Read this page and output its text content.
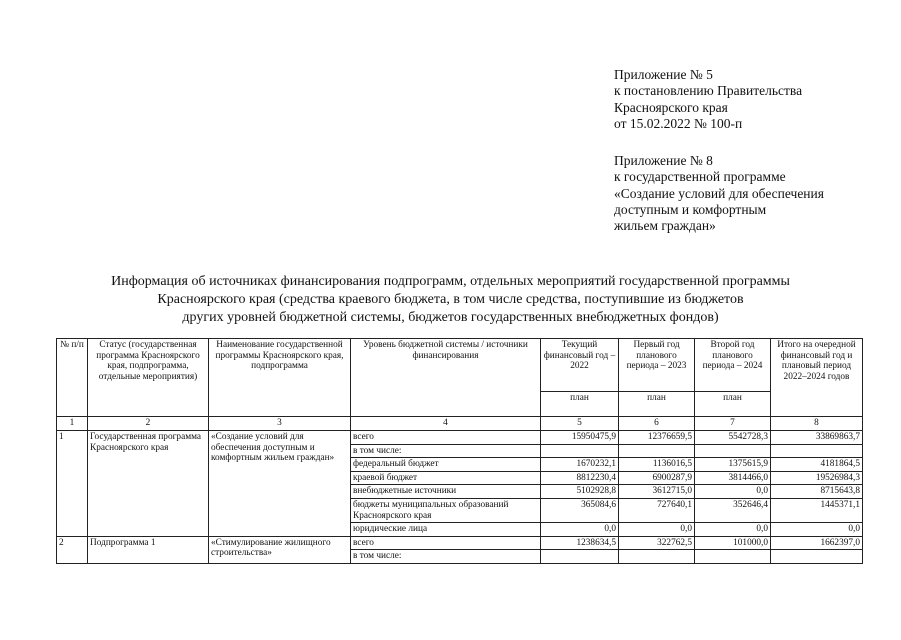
Приложение № 5
к постановлению Правительства
Красноярского края
от 15.02.2022 № 100-п
Приложение № 8
к государственной программе
«Создание условий для обеспечения
доступным и комфортным
жильем граждан»
Информация об источниках финансирования подпрограмм, отдельных мероприятий государственной программы
Красноярского края (средства краевого бюджета, в том числе средства, поступившие из бюджетов
других уровней бюджетной системы, бюджетов государственных внебюджетных фондов)
№ п/п	Статус (государственная программа Красноярского края, подпрограмма, отдельные мероприятия)	Наименование государственной программы Красноярского края, подпрограмма	Уровень бюджетной системы / источники финансирования	Текущий финансовый год – 2022	Первый год планового периода – 2023	Второй год планового периода – 2024	Итого на очередной финансовый год и плановый период 2022–2024 годов
				план	план	план	
1	2	3	4	5	6	7	8
1	Государственная программа Красноярского края	«Создание условий для обеспечения доступным и комфортным жильем граждан»	всего	15950475,9	12376659,5	5542728,3	33869863,7
			в том числе:				
			федеральный бюджет	1670232,1	1136016,5	1375615,9	4181864,5
			краевой бюджет	8812230,4	6900287,9	3814466,0	19526984,3
			внебюджетные источники	5102928,8	3612715,0	0,0	8715643,8
			бюджеты муниципальных образований Красноярского края	365084,6	727640,1	352646,4	1445371,1
			юридические лица	0,0	0,0	0,0	0,0
2	Подпрограмма 1	«Стимулирование жилищного строительства»	всего	1238634,5	322762,5	101000,0	1662397,0
			в том числе:				
